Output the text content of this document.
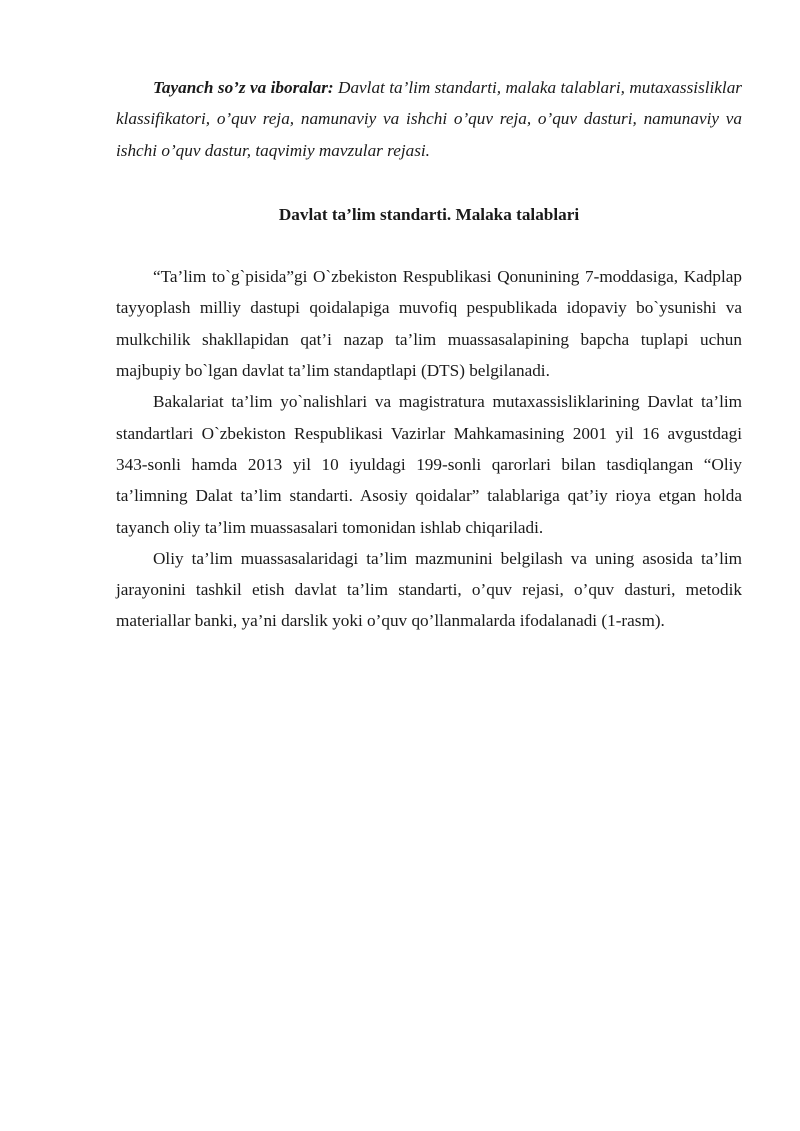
Tayanch so’z va iboralar: Davlat ta’lim standarti, malaka talablari, mutaxassisliklar klassifikatori, o’quv reja, namunaviy va ishchi o’quv reja, o’quv dasturi, namunaviy va ishchi o’quv dastur, taqvimiy mavzular rejasi.

Davlat ta’lim standarti. Malaka talablari

“Ta’lim to`g`pisida”gi O`zbekiston Respublikasi Qonunining 7-moddasiga, Kadplap tayyoplash milliy dastupi qoidalapiga muvofiq pespublikada idopaviy bo`ysunishi va mulkchilik shakllapidan qat’i nazap ta’lim muassasalapining bapcha tuplapi uchun majbupiy bo`lgan davlat ta’lim standaptlapi (DTS) belgilanadi.

Bakalariat ta’lim yo`nalishlari va magistratura mutaxassisliklarining Davlat ta’lim standartlari O`zbekiston Respublikasi Vazirlar Mahkamasining 2001 yil 16 avgustdagi 343-sonli hamda 2013 yil 10 iyuldagi 199-sonli qarorlari bilan tasdiqlangan “Oliy ta’limning Dalat ta’lim standarti. Asosiy qoidalar” talablariga qat’iy rioya etgan holda tayanch oliy ta’lim muassasalari tomonidan ishlab chiqariladi.

Oliy ta’lim muassasalaridagi ta’lim mazmunini belgilash va uning asosida ta’lim jarayonini tashkil etish davlat ta’lim standarti, o’quv rejasi, o’quv dasturi, metodik materiallar banki, ya’ni darslik yoki o’quv qo’llanmalarda ifodalanadi (1-rasm).
